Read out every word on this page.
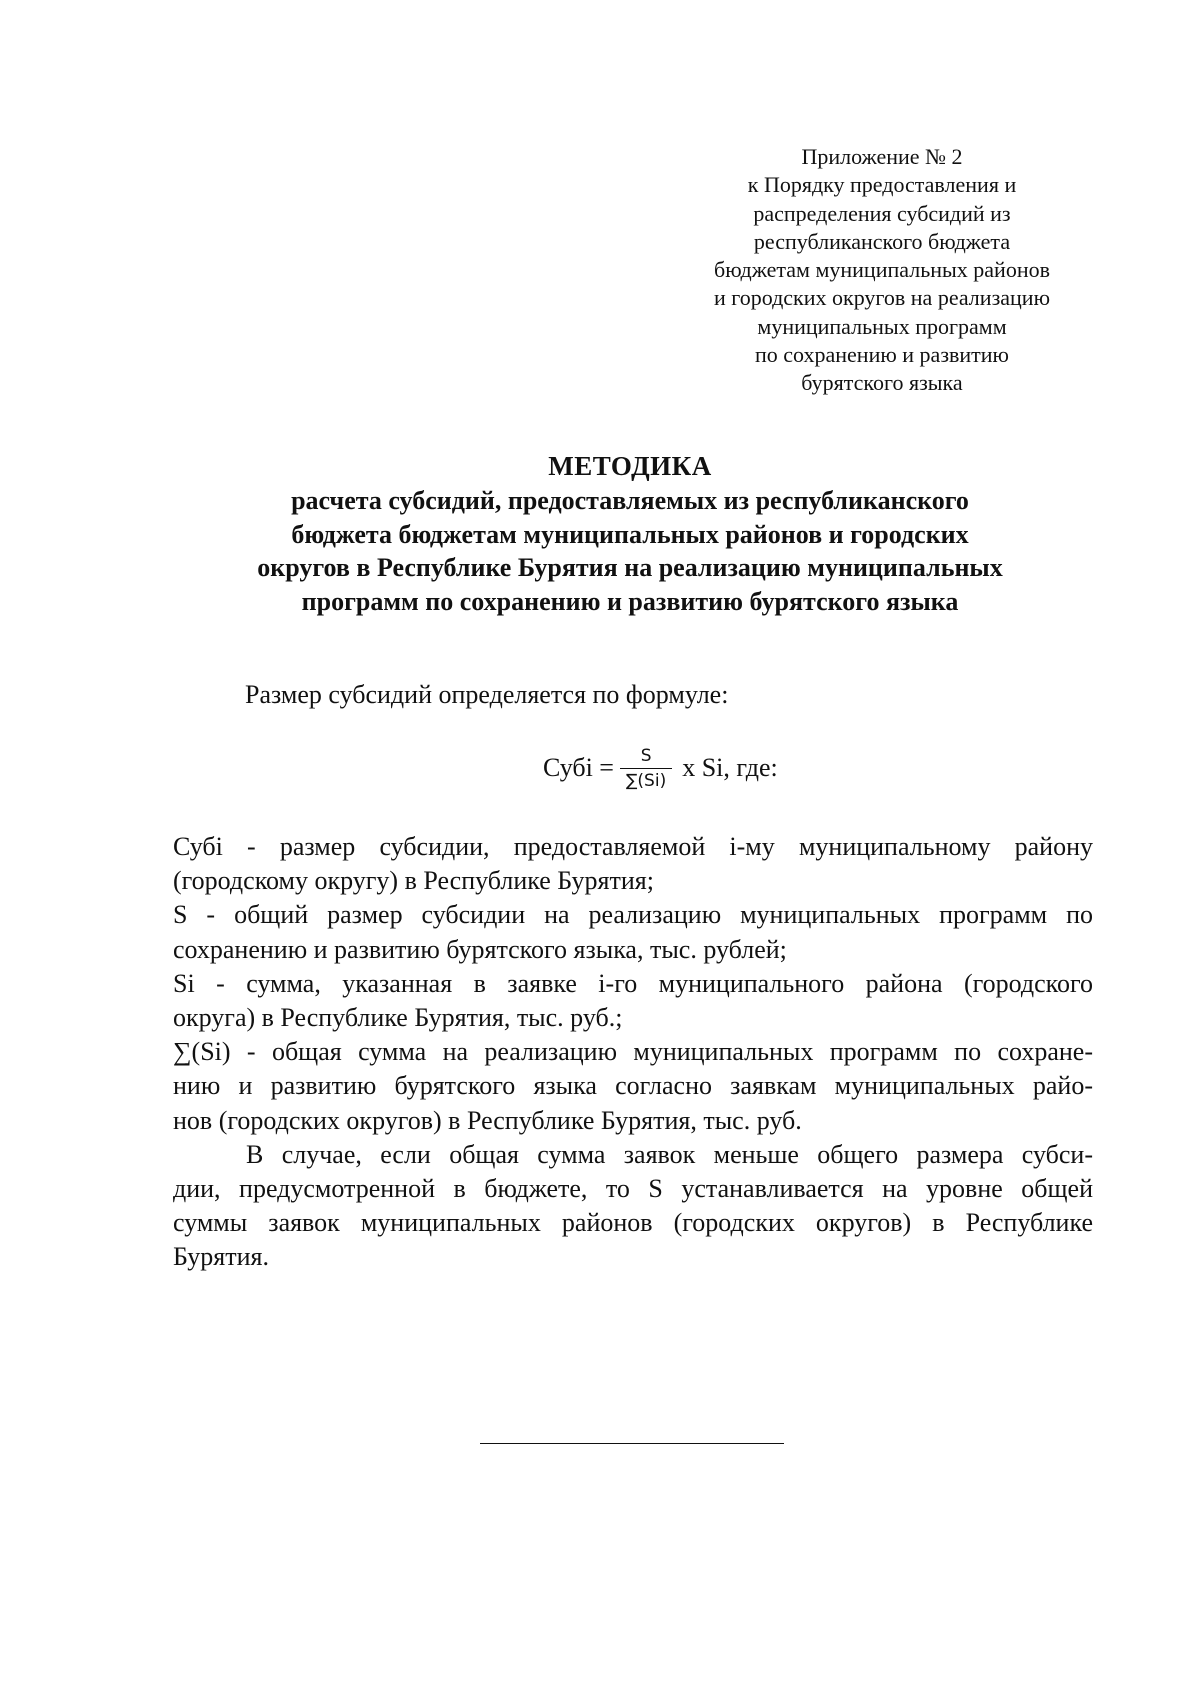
Приложение № 2
к Порядку предоставления и
распределения субсидий из
республиканского бюджета
бюджетам муниципальных районов
и городских округов на реализацию
муниципальных программ
по сохранению и развитию
бурятского языка
МЕТОДИКА
расчета субсидий, предоставляемых из республиканского
бюджета бюджетам муниципальных районов и городских
округов в Республике Бурятия на реализацию муниципальных
программ по сохранению и развитию бурятского языка
Размер субсидий определяется по формуле:
Субi = $\frac{S}{\sum(Si)}$ x Si, где:
Субi - размер субсидии, предоставляемой i-му муниципальному району
(городскому округу) в Республике Бурятия;
S - общий размер субсидии на реализацию муниципальных программ по
сохранению и развитию бурятского языка, тыс. рублей;
Si - сумма, указанная в заявке i-го муниципального района (городского
округа) в Республике Бурятия, тыс. руб.;
∑(Si) - общая сумма на реализацию муниципальных программ по сохране-
нию и развитию бурятского языка согласно заявкам муниципальных райо-
нов (городских округов) в Республике Бурятия, тыс. руб.
В случае, если общая сумма заявок меньше общего размера субси-
дии, предусмотренной в бюджете, то S устанавливается на уровне общей
суммы заявок муниципальных районов (городских округов) в Республике
Бурятия.
